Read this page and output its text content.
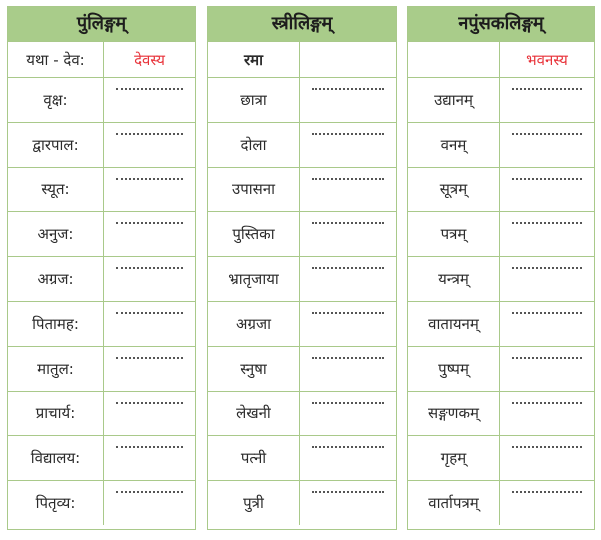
पुंलिङ्गम्
यथा - देव:	देवस्य
वृक्ष:
द्वारपाल:
स्यूत:
अनुज:
अग्रज:
पितामह:
मातुल:
प्राचार्य:
विद्यालय:
पितृव्य:
स्त्रीलिङ्गम्
रमा
छात्रा
दोला
उपासना
पुस्तिका
भ्रातृजाया
अग्रजा
स्नुषा
लेखनी
पत्नी
पुत्री
नपुंसकलिङ्गम्
भवनस्य
उद्यानम्
वनम्
सूत्रम्
पत्रम्
यन्त्रम्
वातायनम्
पुष्पम्
सङ्गणकम्
गृहम्
वार्तापत्रम्
